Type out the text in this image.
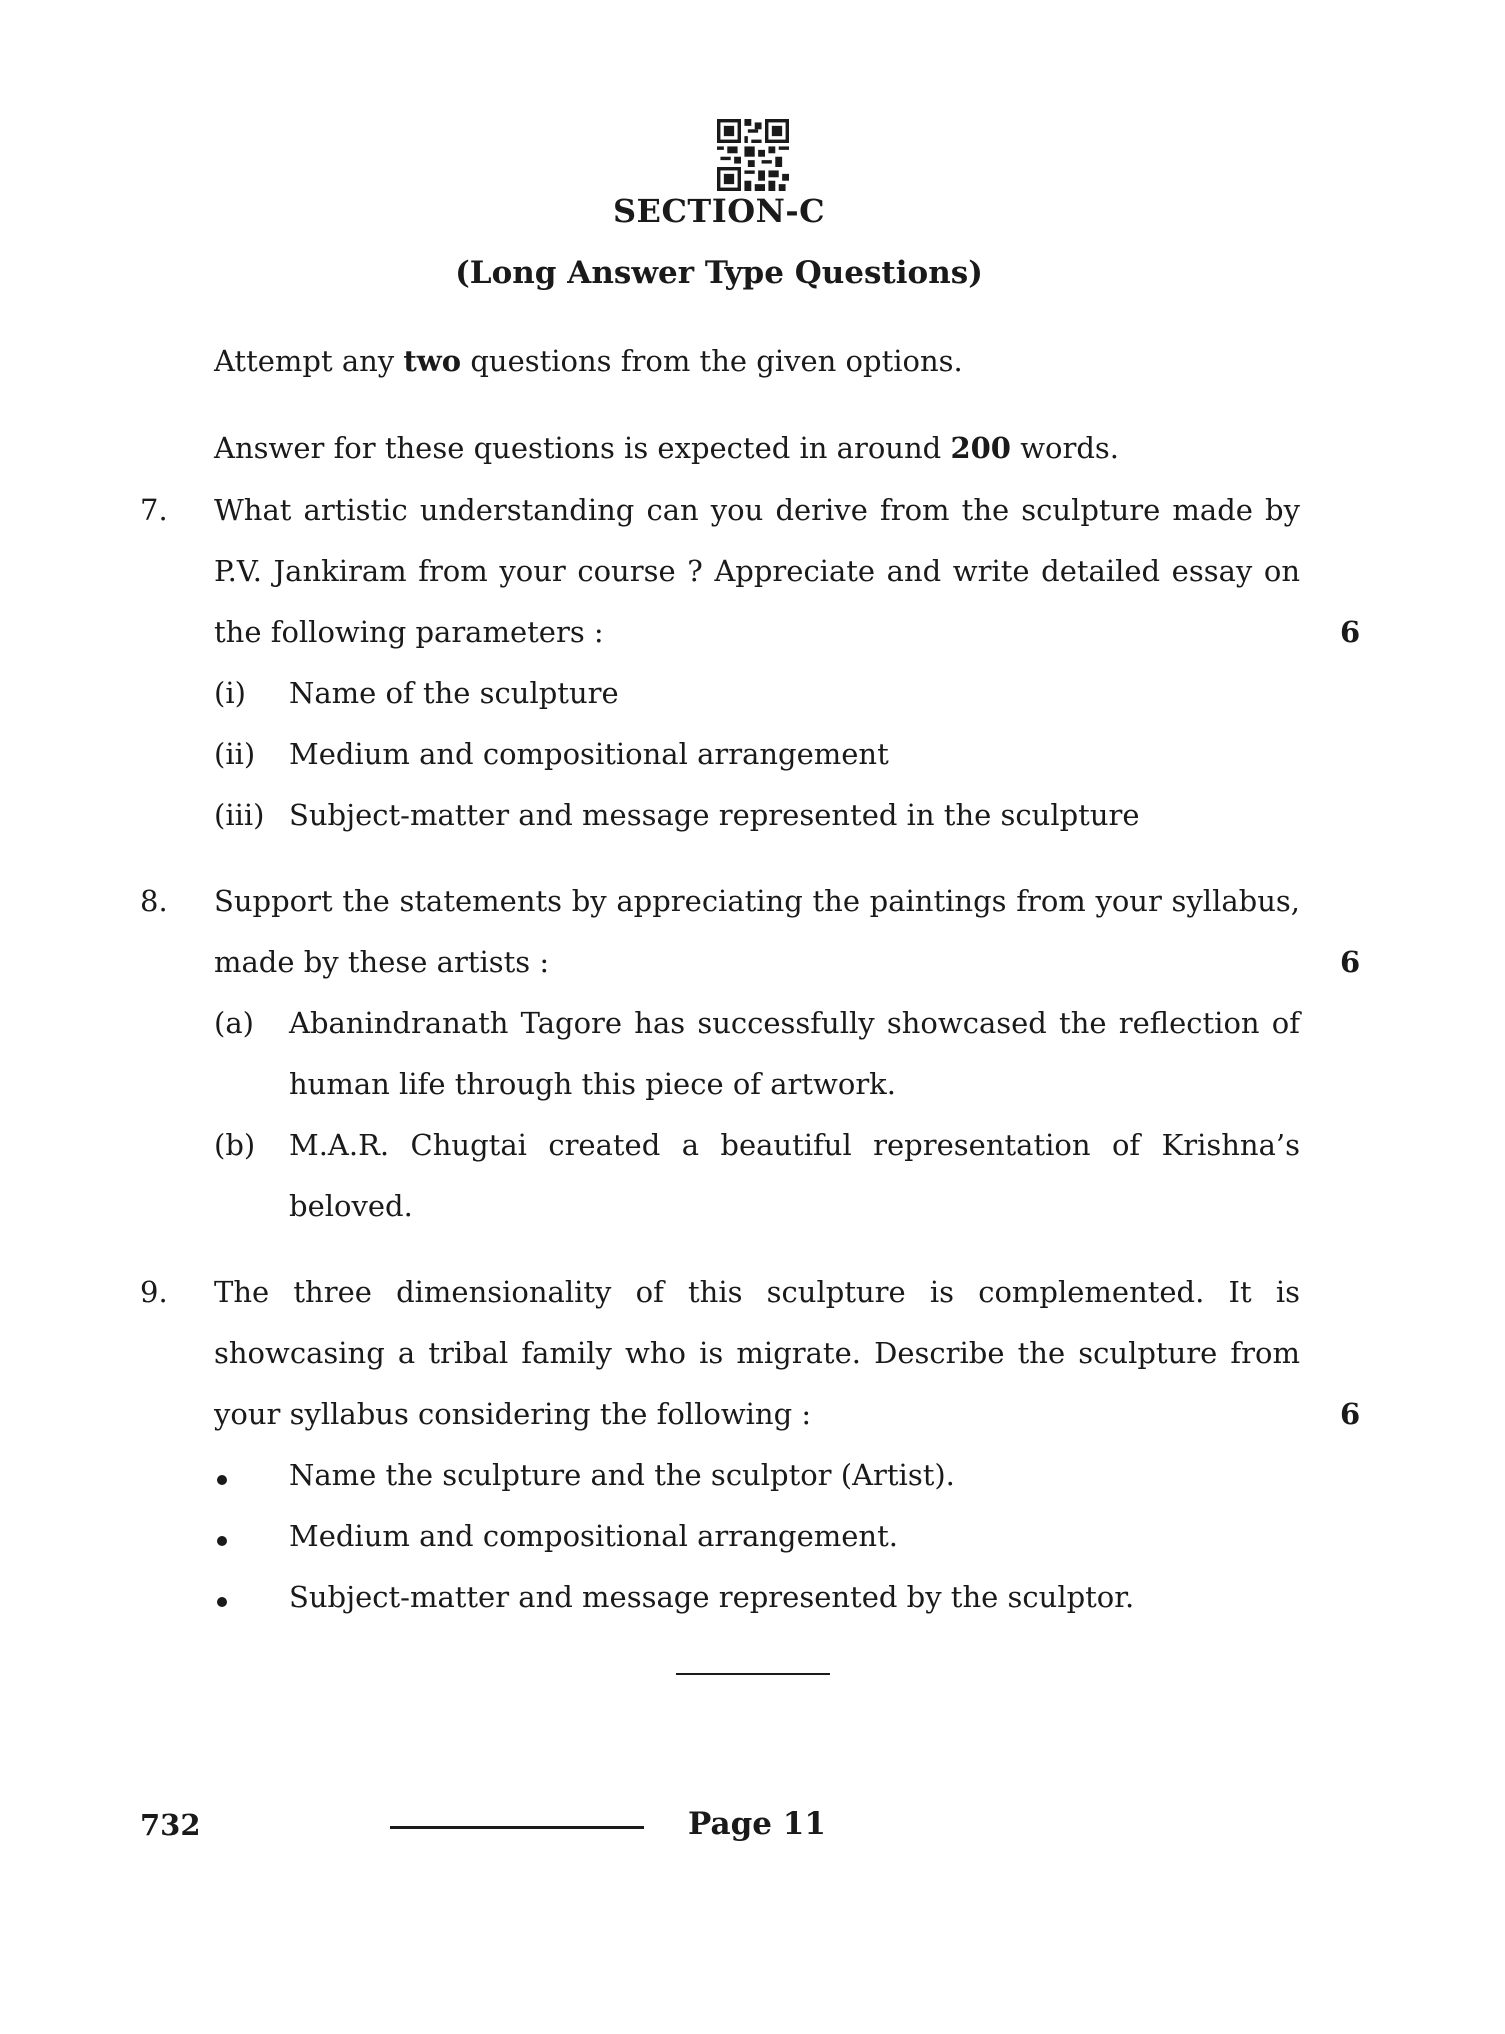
SECTION-C
(Long Answer Type Questions)
Attempt any two questions from the given options.
Answer for these questions is expected in around 200 words.
7. What artistic understanding can you derive from the sculpture made by
P.V. Jankiram from your course ? Appreciate and write detailed essay on
the following parameters :	6
(i) Name of the sculpture
(ii) Medium and compositional arrangement
(iii) Subject-matter and message represented in the sculpture
8. Support the statements by appreciating the paintings from your syllabus,
made by these artists :	6
(a) Abanindranath Tagore has successfully showcased the reflection of
human life through this piece of artwork.
(b) M.A.R. Chugtai created a beautiful representation of Krishna’s
beloved.
9. The three dimensionality of this sculpture is complemented. It is
showcasing a tribal family who is migrate. Describe the sculpture from
your syllabus considering the following :	6
Name the sculpture and the sculptor (Artist).
Medium and compositional arrangement.
Subject-matter and message represented by the sculptor.
732	Page 11
